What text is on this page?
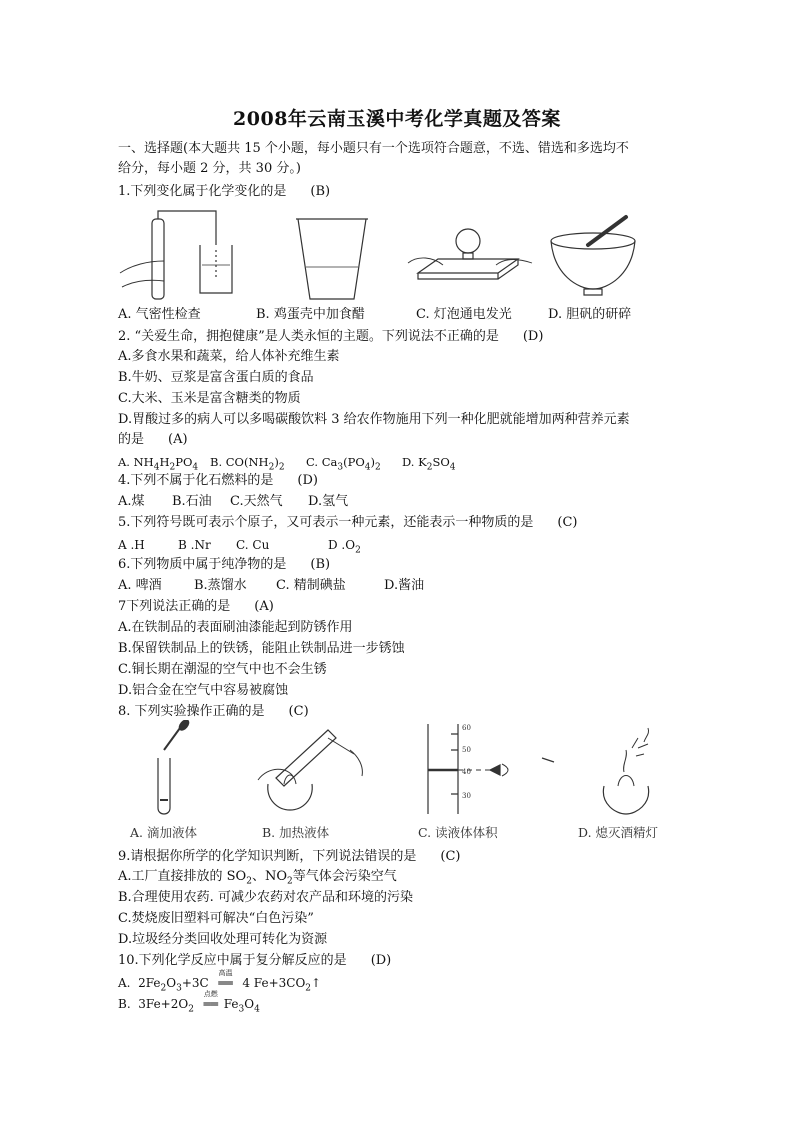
2008年云南玉溪中考化学真题及答案
一、选择题(本大题共 15 个小题，每小题只有一个选项符合题意，不选、错选和多选均不
给分，每小题 2 分，共 30 分。)
1.下列变化属于化学变化的是 (B)
A. 气密性检查	B. 鸡蛋壳中加食醋	C. 灯泡通电发光	D. 胆矾的研碎
2. “关爱生命，拥抱健康”是人类永恒的主题。下列说法不正确的是 (D)
A.多食水果和蔬菜，给人体补充维生素
B.牛奶、豆浆是富含蛋白质的食品
C.大米、玉米是富含糖类的物质
D.胃酸过多的病人可以多喝碳酸饮料 3 给农作物施用下列一种化肥就能增加两种营养元素
的是 (A)
A. $NH_4H_2PO_4$ B. $CO(NH_2)_2$ C. $Ca_3(PO_4)_2$ D. $K_2SO_4$
4.下列不属于化石燃料的是 (D)
A.煤 B.石油 C.天然气 D.氢气
5.下列符号既可表示个原子，又可表示一种元素，还能表示一种物质的是 (C)
A .H	B .Nr C. Cu	D $.O_2$
6.下列物质中属于纯净物的是 (B)
A. 啤酒 B.蒸馏水 C. 精制碘盐	D.酱油
7下列说法正确的是 (A)
A.在铁制品的表面刷油漆能起到防锈作用
B.保留铁制品上的铁锈，能阻止铁制品进一步锈蚀
C.铜长期在潮湿的空气中也不会生锈
D.铝合金在空气中容易被腐蚀
8. 下列实验操作正确的是 (C)
60
50
40
30
A. 滴加液体	B. 加热液体	C. 读液体体积	D. 熄灭酒精灯
9.请根据你所学的化学知识判断，下列说法错误的是 (C)
A.工厂直接排放的 $SO_2$、$NO_2$等气体会污染空气
B.合理使用农药. 可减少农药对农产品和环境的污染
C.焚烧废旧塑料可解决“白色污染”
D.垃圾经分类回收处理可转化为资源
10.下列化学反应中属于复分解反应的是 (D)
A.  $2Fe_2O_3+3C$
高温
══ 4 $Fe+3CO_2↑$
B.  $3Fe+2O_2$
点燃
══ $Fe_3O_4$
